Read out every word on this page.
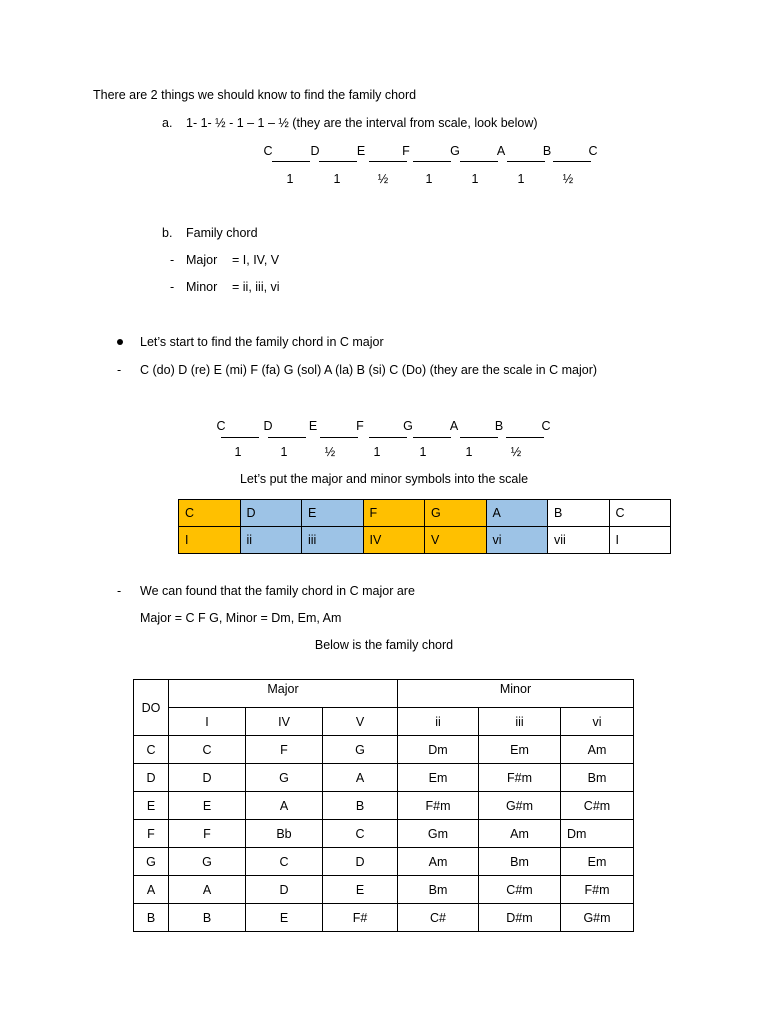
There are 2 things we should know to find the family chord
a. 1- 1- ½ - 1 – 1 – ½ (they are the interval from scale, look below)
C	D	E	F	G	A	B	C
1	1	½	1	1	1	½
b. Family chord
- Major = I, IV, V
- Minor = ii, iii, vi
Let’s start to find the family chord in C major
- C (do) D (re) E (mi) F (fa) G (sol) A (la) B (si) C (Do) (they are the scale in C major)
C	D	E	F	G	A	B	C
1	1	½	1	1	1	½
Let’s put the major and minor symbols into the scale
C	D	E	F	G	A	B	C
I	ii	iii	IV	V	vi	vii	I
- We can found that the family chord in C major are
Major = C F G, Minor = Dm, Em, Am
Below is the family chord
DO	Major			Minor		
	I	IV	V	ii	iii	vi
C	C	F	G	Dm	Em	Am
D	D	G	A	Em	F#m	Bm
E	E	A	B	F#m	G#m	C#m
F	F	Bb	C	Gm	Am	Dm
G	G	C	D	Am	Bm	Em
A	A	D	E	Bm	C#m	F#m
B	B	E	F#	C#	D#m	G#m
